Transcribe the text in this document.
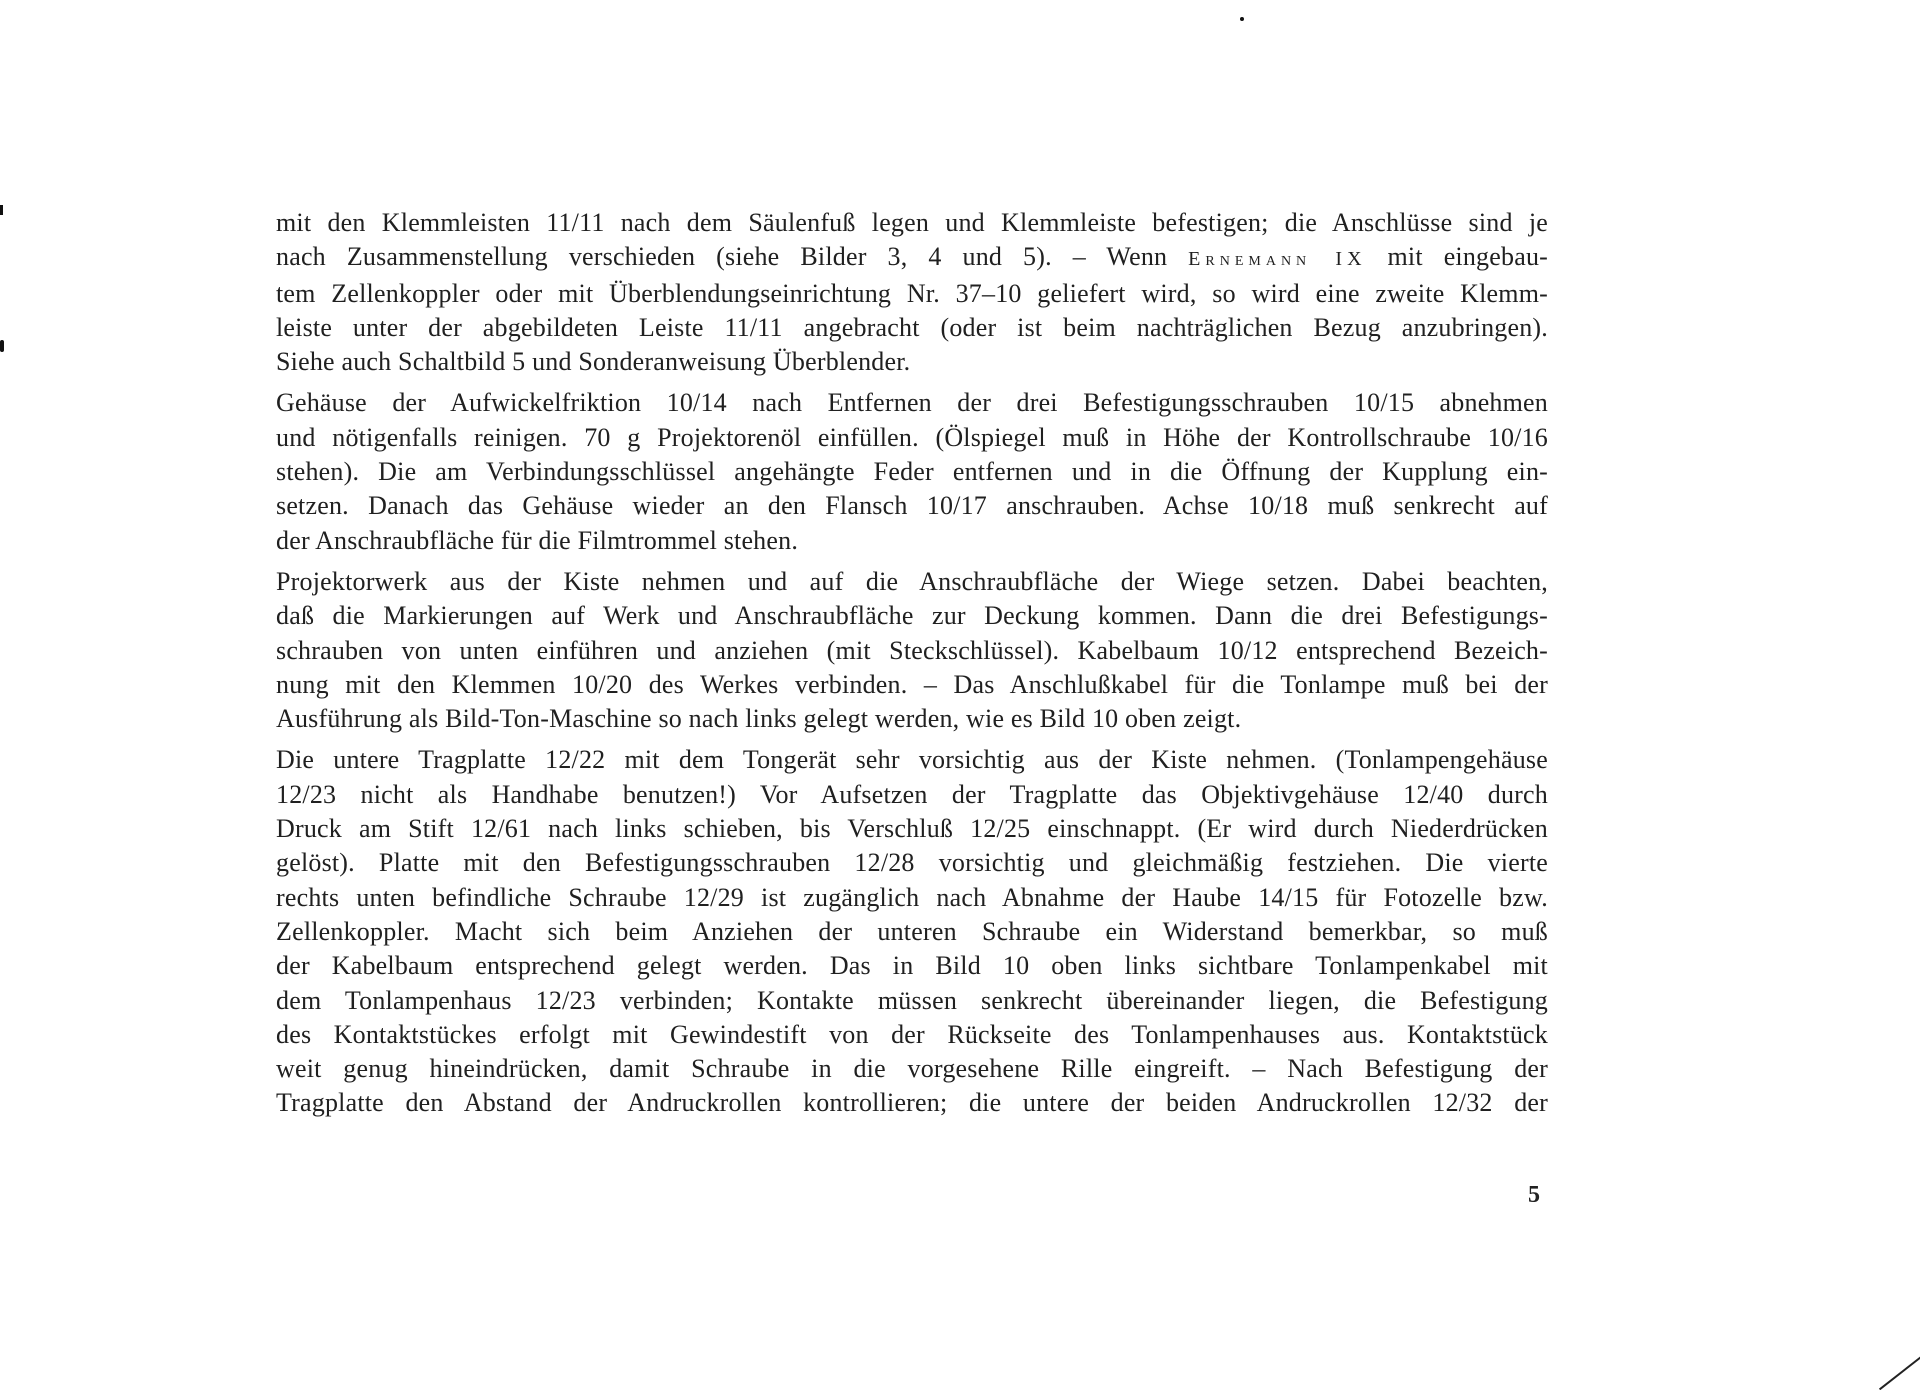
mit den Klemmleisten 11/11 nach dem Säulenfuß legen und Klemmleiste befestigen; die Anschlüsse sind je
nach Zusammenstellung verschieden (siehe Bilder 3, 4 und 5). – Wenn Ernemann IX mit eingebau-
tem Zellenkoppler oder mit Überblendungseinrichtung Nr. 37–10 geliefert wird, so wird eine zweite Klemm-
leiste unter der abgebildeten Leiste 11/11 angebracht (oder ist beim nachträglichen Bezug anzubringen).
Siehe auch Schaltbild 5 und Sonderanweisung Überblender.

Gehäuse der Aufwickelfriktion 10/14 nach Entfernen der drei Befestigungsschrauben 10/15 abnehmen
und nötigenfalls reinigen. 70 g Projektorenöl einfüllen. (Ölspiegel muß in Höhe der Kontrollschraube 10/16
stehen). Die am Verbindungsschlüssel angehängte Feder entfernen und in die Öffnung der Kupplung ein-
setzen. Danach das Gehäuse wieder an den Flansch 10/17 anschrauben. Achse 10/18 muß senkrecht auf
der Anschraubfläche für die Filmtrommel stehen.

Projektorwerk aus der Kiste nehmen und auf die Anschraubfläche der Wiege setzen. Dabei beachten,
daß die Markierungen auf Werk und Anschraubfläche zur Deckung kommen. Dann die drei Befestigungs-
schrauben von unten einführen und anziehen (mit Steckschlüssel). Kabelbaum 10/12 entsprechend Bezeich-
nung mit den Klemmen 10/20 des Werkes verbinden. – Das Anschlußkabel für die Tonlampe muß bei der
Ausführung als Bild-Ton-Maschine so nach links gelegt werden, wie es Bild 10 oben zeigt.

Die untere Tragplatte 12/22 mit dem Tongerät sehr vorsichtig aus der Kiste nehmen. (Tonlampengehäuse
12/23 nicht als Handhabe benutzen!) Vor Aufsetzen der Tragplatte das Objektivgehäuse 12/40 durch
Druck am Stift 12/61 nach links schieben, bis Verschluß 12/25 einschnappt. (Er wird durch Niederdrücken
gelöst). Platte mit den Befestigungsschrauben 12/28 vorsichtig und gleichmäßig festziehen. Die vierte
rechts unten befindliche Schraube 12/29 ist zugänglich nach Abnahme der Haube 14/15 für Fotozelle bzw.
Zellenkoppler. Macht sich beim Anziehen der unteren Schraube ein Widerstand bemerkbar, so muß
der Kabelbaum entsprechend gelegt werden. Das in Bild 10 oben links sichtbare Tonlampenkabel mit
dem Tonlampenhaus 12/23 verbinden; Kontakte müssen senkrecht übereinander liegen, die Befestigung
des Kontaktstückes erfolgt mit Gewindestift von der Rückseite des Tonlampenhauses aus. Kontaktstück
weit genug hineindrücken, damit Schraube in die vorgesehene Rille eingreift. – Nach Befestigung der
Tragplatte den Abstand der Andruckrollen kontrollieren; die untere der beiden Andruckrollen 12/32 der

5
